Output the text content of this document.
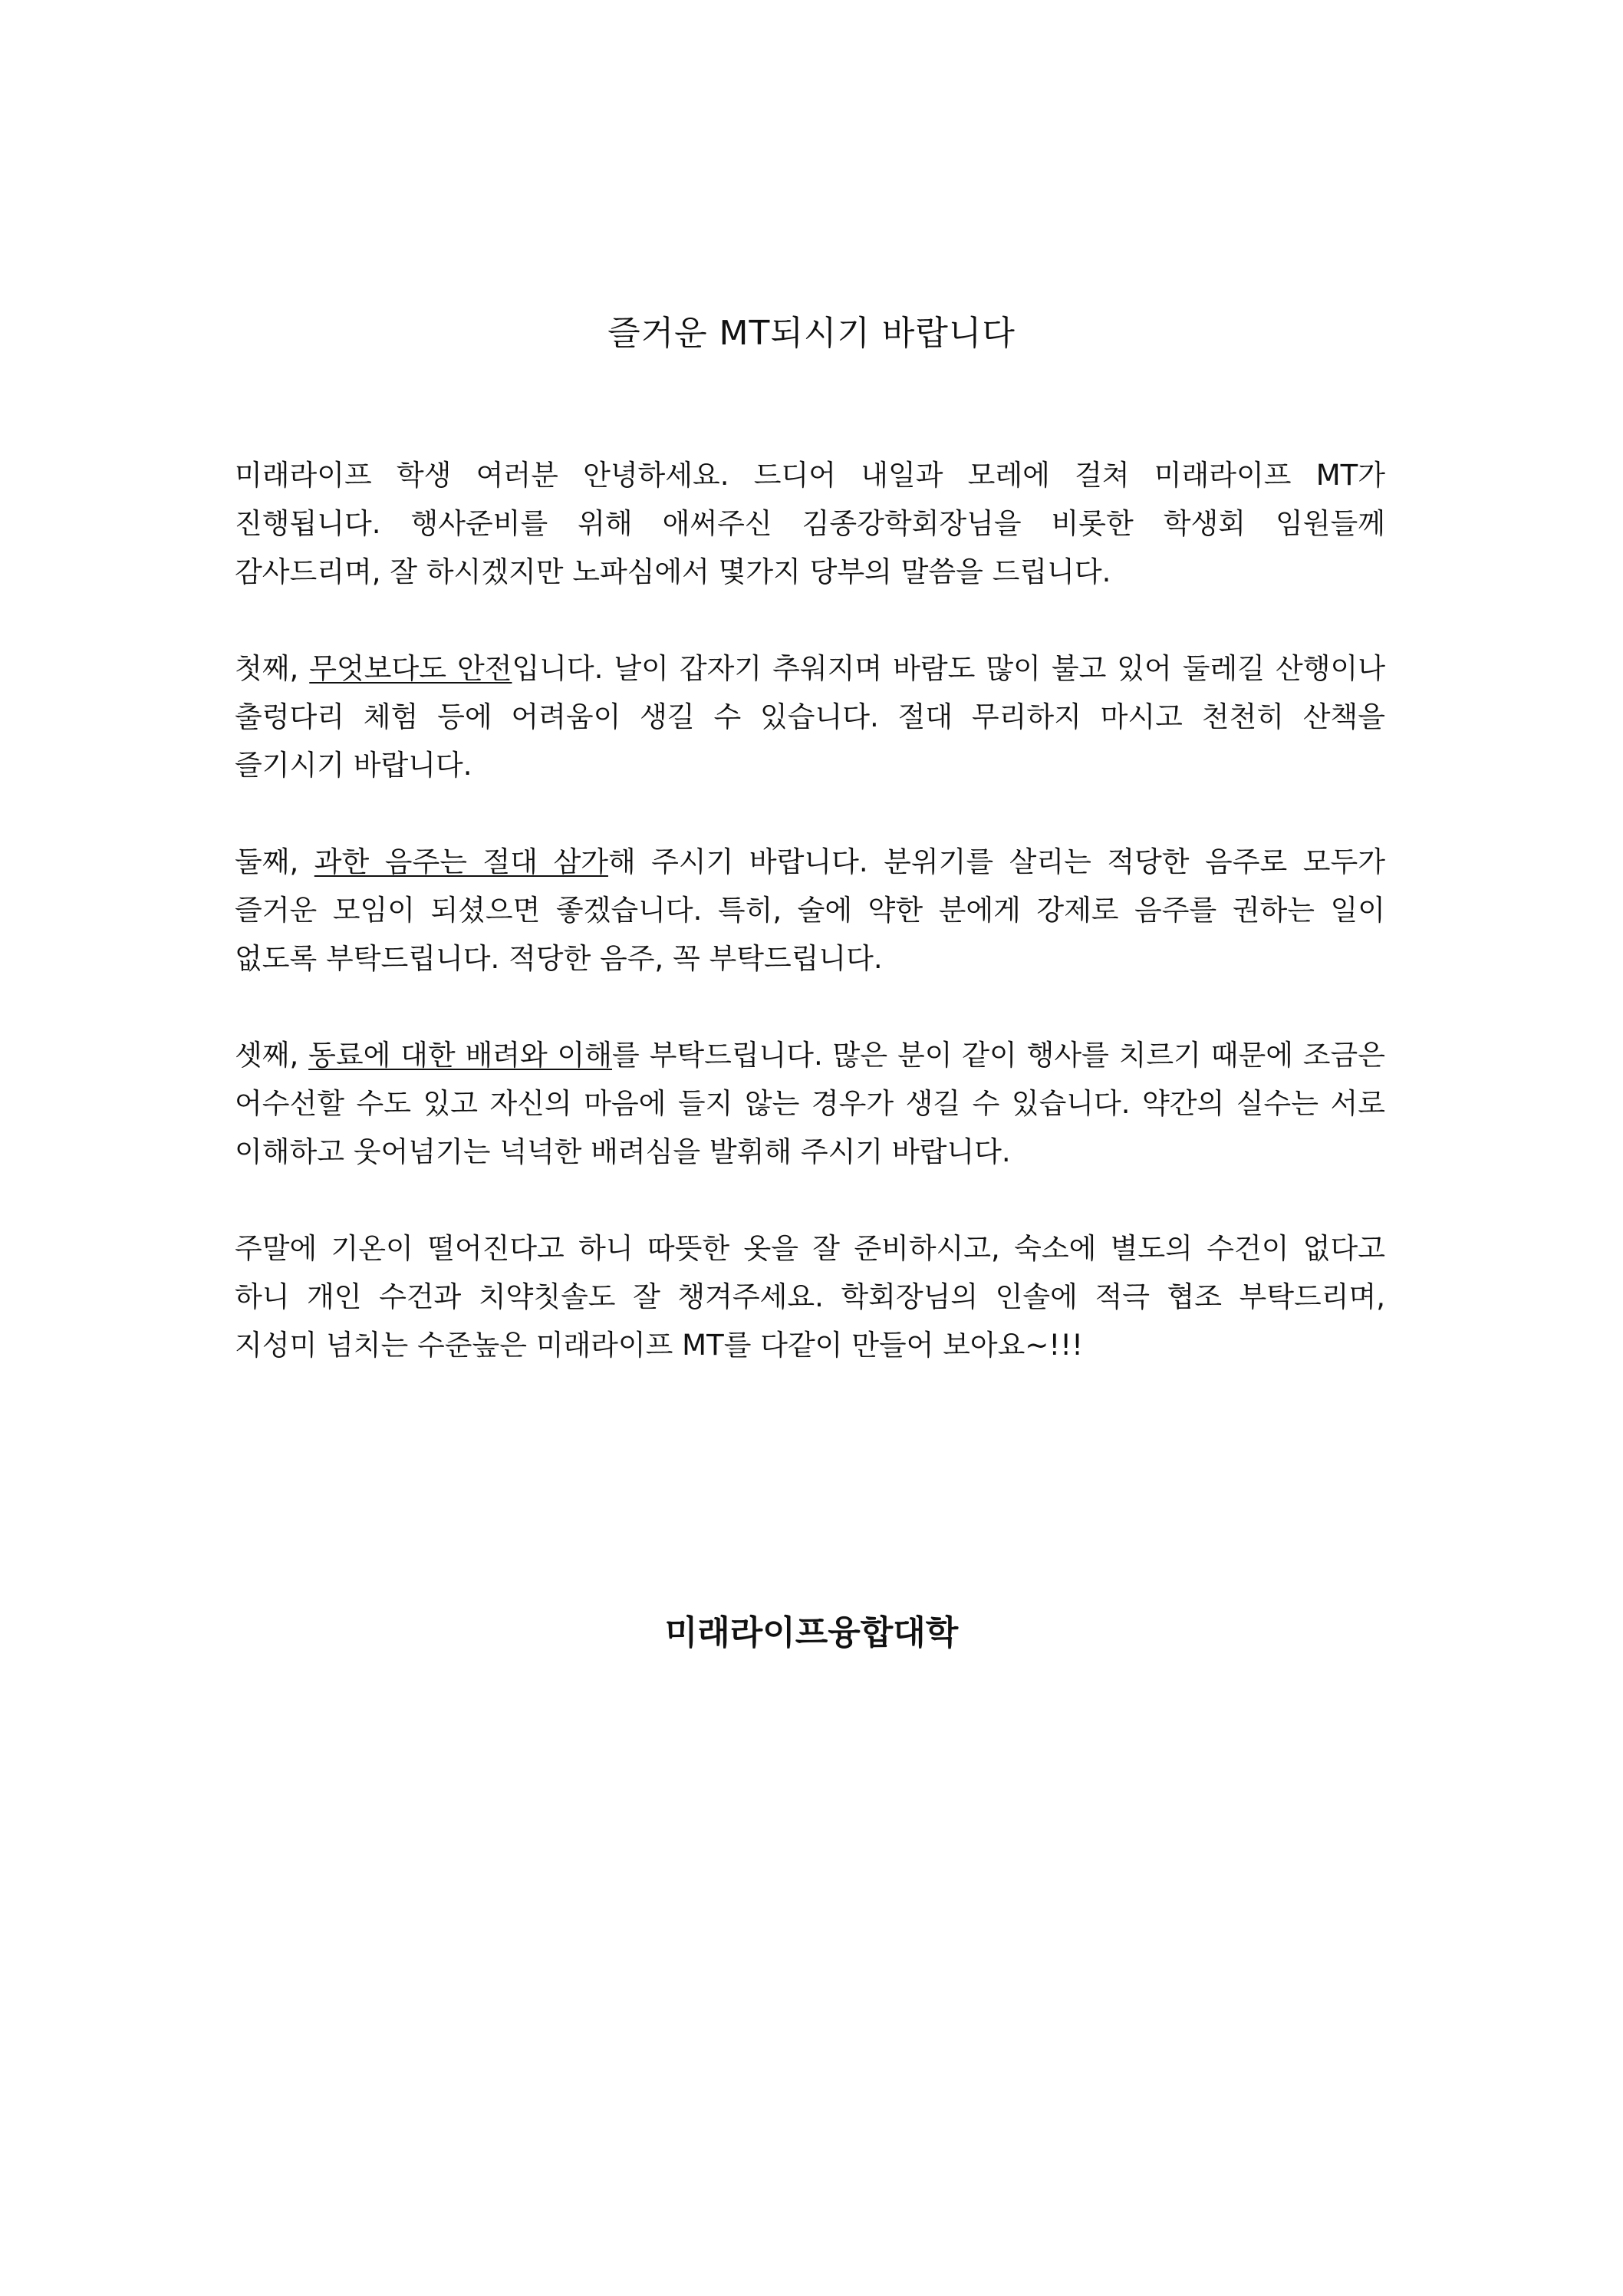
즐거운 MT되시기 바랍니다

미래라이프 학생 여러분 안녕하세요. 드디어 내일과 모레에 걸쳐 미래라이프 MT가 진행됩니다. 행사준비를 위해 애써주신 김종강학회장님을 비롯한 학생회 임원들께 감사드리며, 잘 하시겠지만 노파심에서 몇가지 당부의 말씀을 드립니다.

첫째, 무엇보다도 안전입니다. 날이 갑자기 추워지며 바람도 많이 불고 있어 둘레길 산행이나 출렁다리 체험 등에 어려움이 생길 수 있습니다. 절대 무리하지 마시고 천천히 산책을 즐기시기 바랍니다.

둘째, 과한 음주는 절대 삼가해 주시기 바랍니다. 분위기를 살리는 적당한 음주로 모두가 즐거운 모임이 되셨으면 좋겠습니다. 특히, 술에 약한 분에게 강제로 음주를 권하는 일이 없도록 부탁드립니다. 적당한 음주, 꼭 부탁드립니다.

셋째, 동료에 대한 배려와 이해를 부탁드립니다. 많은 분이 같이 행사를 치르기 때문에 조금은 어수선할 수도 있고 자신의 마음에 들지 않는 경우가 생길 수 있습니다. 약간의 실수는 서로 이해하고 웃어넘기는 넉넉한 배려심을 발휘해 주시기 바랍니다.

주말에 기온이 떨어진다고 하니 따뜻한 옷을 잘 준비하시고, 숙소에 별도의 수건이 없다고 하니 개인 수건과 치약칫솔도 잘 챙겨주세요. 학회장님의 인솔에 적극 협조 부탁드리며, 지성미 넘치는 수준높은 미래라이프 MT를 다같이 만들어 보아요~!!!

미래라이프융합대학
